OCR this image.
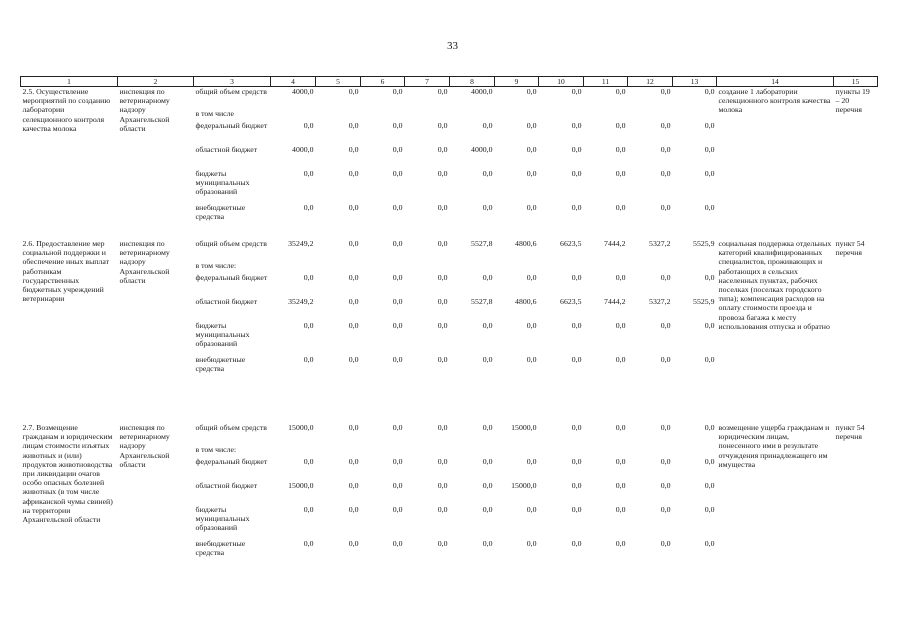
33
1	2	3	4	5	6	7	8	9	10	11	12	13	14	15

2.5. Осуществление мероприятий по созданию лаборатории селекционного контроля качества молока	инспекция по ветеринарному надзору Архангельской области	общий объем средств	4000,0	0,0	0,0	0,0	4000,0	0,0	0,0	0,0	0,0	0,0	создание 1 лаборатории селекционного контроля качества молока	пункты 19 – 20 перечня
		в том числе												
		федеральный бюджет	0,0	0,0	0,0	0,0	0,0	0,0	0,0	0,0	0,0	0,0		
		областной бюджет	4000,0	0,0	0,0	0,0	4000,0	0,0	0,0	0,0	0,0	0,0		
		бюджеты муниципальных образований	0,0	0,0	0,0	0,0	0,0	0,0	0,0	0,0	0,0	0,0		
		внебюджетные средства	0,0	0,0	0,0	0,0	0,0	0,0	0,0	0,0	0,0	0,0		

2.6. Предоставление мер социальной поддержки и обеспечение иных выплат работникам государственных бюджетных учреждений ветеринарии	инспекция по ветеринарному надзору Архангельской области	общий объем средств	35249,2	0,0	0,0	0,0	5527,8	4800,6	6623,5	7444,2	5327,2	5525,9	социальная поддержка отдельных категорий квалифицированных специалистов, проживающих и работающих в сельских населенных пунктах, рабочих поселках (поселках городского типа); компенсация расходов на оплату стоимости проезда и провоза багажа к месту использования отпуска и обратно	пункт 54 перечня
		в том числе:												
		федеральный бюджет	0,0	0,0	0,0	0,0	0,0	0,0	0,0	0,0	0,0	0,0		
		областной бюджет	35249,2	0,0	0,0	0,0	5527,8	4800,6	6623,5	7444,2	5327,2	5525,9		
		бюджеты муниципальных образований	0,0	0,0	0,0	0,0	0,0	0,0	0,0	0,0	0,0	0,0		
		внебюджетные средства	0,0	0,0	0,0	0,0	0,0	0,0	0,0	0,0	0,0	0,0		

2.7. Возмещение гражданам и юридическим лицам стоимости изъятых животных и (или) продуктов животноводства при ликвидации очагов особо опасных болезней животных (в том числе африканской чумы свиней) на территории Архангельской области	инспекция по ветеринарному надзору Архангельской области	общий объем средств	15000,0	0,0	0,0	0,0	0,0	15000,0	0,0	0,0	0,0	0,0	возмещение ущерба гражданам и юридическим лицам, понесенного ими в результате отчуждения принадлежащего им имущества	пункт 54 перечня
		в том числе:												
		федеральный бюджет	0,0	0,0	0,0	0,0	0,0	0,0	0,0	0,0	0,0	0,0		
		областной бюджет	15000,0	0,0	0,0	0,0	0,0	15000,0	0,0	0,0	0,0	0,0		
		бюджеты муниципальных образований	0,0	0,0	0,0	0,0	0,0	0,0	0,0	0,0	0,0	0,0		
		внебюджетные средства	0,0	0,0	0,0	0,0	0,0	0,0	0,0	0,0	0,0	0,0		
